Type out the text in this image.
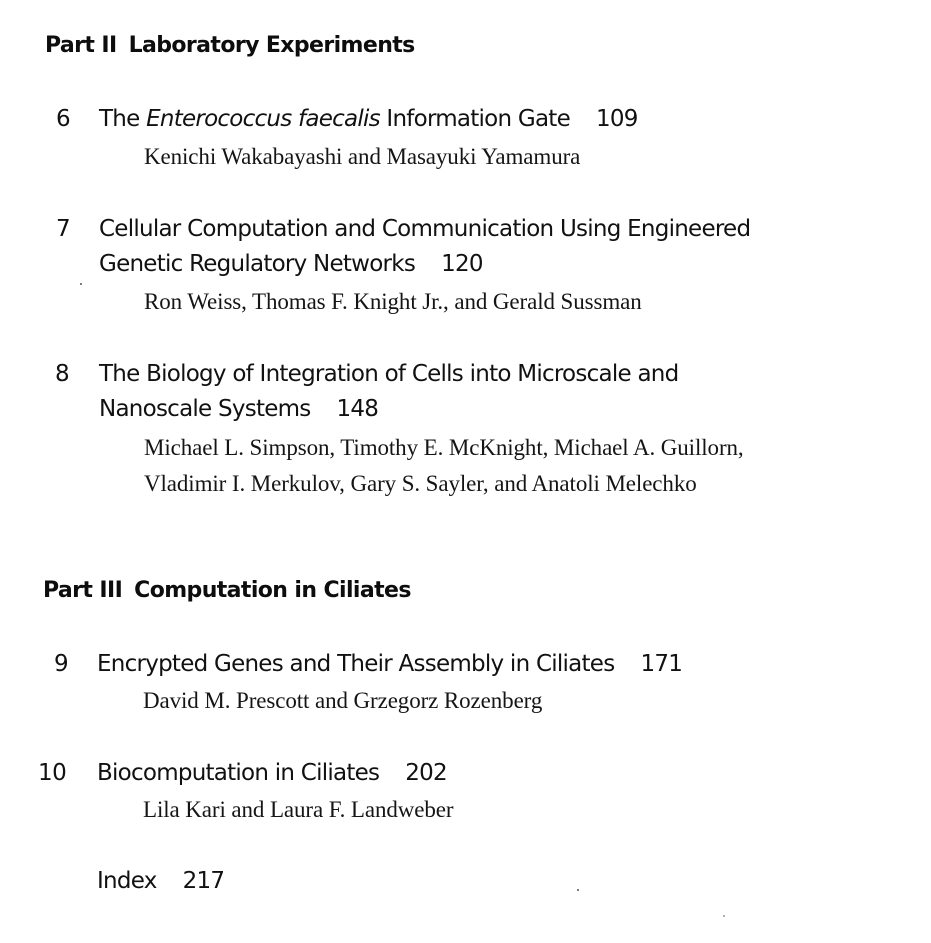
Part II Laboratory Experiments
6 The Enterococcus faecalis Information Gate 109
Kenichi Wakabayashi and Masayuki Yamamura
7 Cellular Computation and Communication Using Engineered
Genetic Regulatory Networks 120
Ron Weiss, Thomas F. Knight Jr., and Gerald Sussman
8 The Biology of Integration of Cells into Microscale and
Nanoscale Systems 148
Michael L. Simpson, Timothy E. McKnight, Michael A. Guillorn,
Vladimir I. Merkulov, Gary S. Sayler, and Anatoli Melechko
Part III Computation in Ciliates
9 Encrypted Genes and Their Assembly in Ciliates 171
David M. Prescott and Grzegorz Rozenberg
10 Biocomputation in Ciliates 202
Lila Kari and Laura F. Landweber
Index 217
